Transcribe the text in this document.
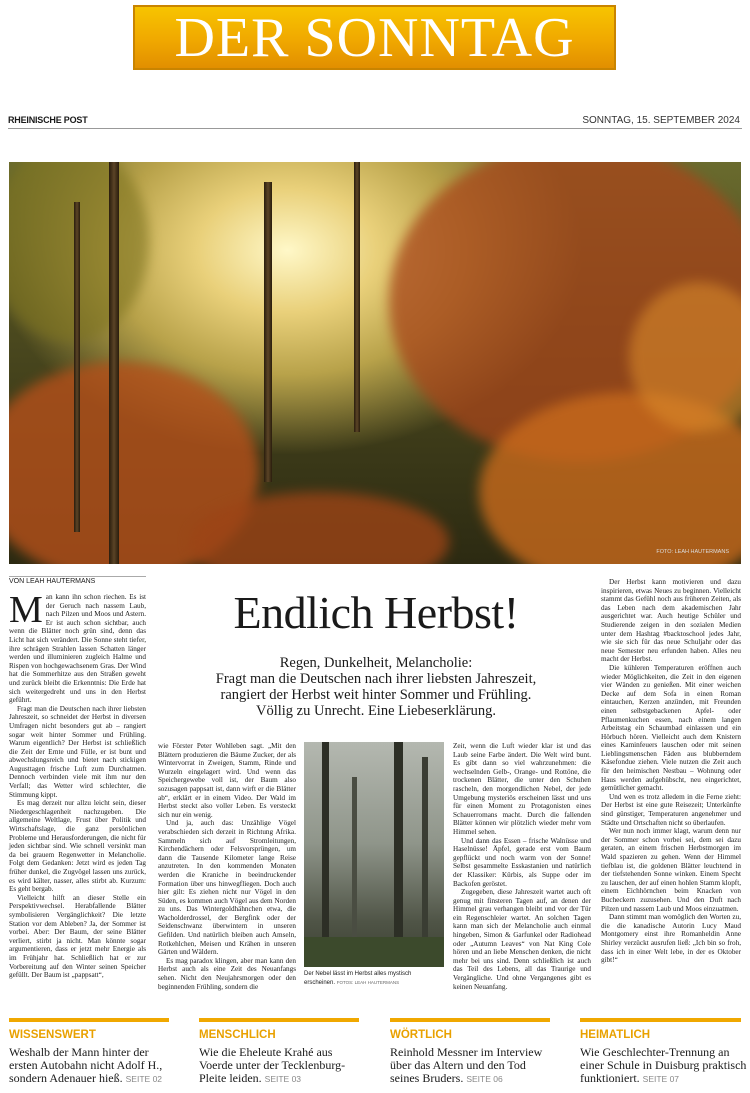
DER SONNTAG
RHEINISCHE POST	SONNTAG, 15. SEPTEMBER 2024
FOTO: LEAH HAUTERMANS
VON LEAH HAUTERMANS
M an kann ihn schon riechen. Es ist der Geruch nach nassem Laub, nach Pilzen und Moos und Astern. Er ist auch schon sichtbar, auch wenn die Blätter noch grün sind, denn das Licht hat sich verändert. Die Sonne steht tiefer, ihre schrägen Strahlen lassen Schatten länger werden und illuminieren zugleich Halme und Rispen von hochgewachsenem Gras. Der Wind hat die Sommerhitze aus den Straßen geweht und zurück bleibt die Erkenntnis: Die Erde hat sich weitergedreht und uns in den Herbst geführt.

Fragt man die Deutschen nach ihrer liebsten Jahreszeit, so schneidet der Herbst in diversen Umfragen nicht besonders gut ab – rangiert sogar weit hinter Sommer und Frühling. Warum eigentlich? Der Herbst ist schließlich die Zeit der Ernte und Fülle, er ist bunt und abwechslungsreich und bietet nach stickigen Augusttagen frische Luft zum Durchatmen. Dennoch verbinden viele mit ihm nur den Verfall; das Wetter wird schlechter, die Stimmung kippt.

Es mag derzeit nur allzu leicht sein, dieser Niedergeschlagenheit nachzugeben. Die allgemeine Weltlage, Frust über Politik und Wirtschaftslage, die ganz persönlichen Probleme und Herausforderungen, die nicht für jeden sichtbar sind. Wie schnell versinkt man da bei grauem Regenwetter in Melancholie. Folgt dem Gedanken: Jetzt wird es jeden Tag früher dunkel, die Zugvögel lassen uns zurück, es wird kälter, nasser, alles stirbt ab. Kurzum: Es geht bergab.

Vielleicht hilft an dieser Stelle ein Perspektivwechsel. Herabfallende Blätter symbolisieren Vergänglichkeit? Die letzte Station vor dem Ableben? Ja, der Sommer ist vorbei. Aber: Der Baum, der seine Blätter verliert, stirbt ja nicht. Man könnte sogar argumentieren, dass er jetzt mehr Energie als im Frühjahr hat. Schließlich hat er zur Vorbereitung auf den Winter seinen Speicher gefüllt. Der Baum ist „pappsatt“,

Endlich Herbst!
Regen, Dunkelheit, Melancholie:
Fragt man die Deutschen nach ihrer liebsten Jahreszeit,
rangiert der Herbst weit hinter Sommer und Frühling.
Völlig zu Unrecht. Eine Liebeserklärung.

wie Förster Peter Wohlleben sagt. „Mit den Blättern produzieren die Bäume Zucker, der als Wintervorrat in Zweigen, Stamm, Rinde und Wurzeln eingelagert wird. Und wenn das Speichergewebe voll ist, der Baum also sozusagen pappsatt ist, dann wirft er die Blätter ab“, erklärt er in einem Video. Der Wald im Herbst steckt also voller Leben. Es versteckt sich nur ein wenig.

Und ja, auch das: Unzählige Vögel verabschieden sich derzeit in Richtung Afrika. Sammeln sich auf Stromleitungen, Kirchendächern oder Felsvorsprüngen, um dann die Tausende Kilometer lange Reise anzutreten. In den kommenden Monaten werden die Kraniche in beeindruckender Formation über uns hinwegfliegen. Doch auch hier gilt: Es ziehen nicht nur Vögel in den Süden, es kommen auch Vögel aus dem Norden zu uns. Das Wintergoldhähnchen etwa, die Wacholderdrossel, der Bergfink oder der Seidenschwanz überwintern in unseren Gefilden. Und natürlich bleiben auch Amseln, Rotkehlchen, Meisen und Krähen in unseren Gärten und Wäldern.

Es mag paradox klingen, aber man kann den Herbst auch als eine Zeit des Neuanfangs sehen. Nicht den Neujahrsmorgen oder den beginnenden Frühling, sondern die

Der Nebel lässt im Herbst alles mystisch erscheinen. FOTOS: LEAH HAUTERMANS

Zeit, wenn die Luft wieder klar ist und das Laub seine Farbe ändert. Die Welt wird bunt. Es gibt dann so viel wahrzunehmen: die wechselnden Gelb-, Orange- und Rottöne, die trockenen Blätter, die unter den Schuhen rascheln, den morgendlichen Nebel, der jede Umgebung mysteriös erscheinen lässt und uns für einen Moment zu Protagonisten eines Schauerromans macht. Durch die fallenden Blätter können wir plötzlich wieder mehr vom Himmel sehen.

Und dann das Essen – frische Walnüsse und Haselnüsse! Äpfel, gerade erst vom Baum gepflückt und noch warm von der Sonne! Selbst gesammelte Esskastanien und natürlich der Klassiker: Kürbis, als Suppe oder im Backofen geröstet.

Zugegeben, diese Jahreszeit wartet auch oft genug mit finsteren Tagen auf, an denen der Himmel grau verhangen bleibt und vor der Tür ein Regenschleier wartet. An solchen Tagen kann man sich der Melancholie auch einmal hingeben, Simon & Garfunkel oder Radiohead oder „Autumn Leaves“ von Nat King Cole hören und an liebe Menschen denken, die nicht mehr bei uns sind. Denn schließlich ist auch das Teil des Lebens, all das Traurige und Vergängliche. Und ohne Vergangenes gibt es keinen Neuanfang.

Der Herbst kann motivieren und dazu inspirieren, etwas Neues zu beginnen. Vielleicht stammt das Gefühl noch aus früheren Zeiten, als das Leben nach dem akademischen Jahr ausgerichtet war. Auch heutige Schüler und Studierende zeigen in den sozialen Medien unter dem Hashtag #backtoschool jedes Jahr, wie sie sich für das neue Schuljahr oder das neue Semester neu erfunden haben. Alles neu macht der Herbst.

Die kühleren Temperaturen eröffnen auch wieder Möglichkeiten, die Zeit in den eigenen vier Wänden zu genießen. Mit einer weichen Decke auf dem Sofa in einen Roman eintauchen, Kerzen anzünden, mit Freunden einen selbstgebackenen Apfel- oder Pflaumenkuchen essen, nach einem langen Arbeitstag ein Schaumbad einlassen und ein Hörbuch hören. Vielleicht auch dem Knistern eines Kaminfeuers lauschen oder mit seinen Lieblingsmenschen Fäden aus blubberndem Käsefondue ziehen. Viele nutzen die Zeit auch für den heimischen Nestbau – Wohnung oder Haus werden aufgehübscht, neu eingerichtet, gemütlicher gemacht.

Und wen es trotz alledem in die Ferne zieht: Der Herbst ist eine gute Reisezeit; Unterkünfte sind günstiger, Temperaturen angenehmer und Städte und Ortschaften nicht so überlaufen.

Wer nun noch immer klagt, warum denn nur der Sommer schon vorbei sei, dem sei dazu geraten, an einem frischen Herbstmorgen im Wald spazieren zu gehen. Wenn der Himmel tiefblau ist, die goldenen Blätter leuchtend in der tiefstehenden Sonne winken. Einem Specht zu lauschen, der auf einen hohlen Stamm klopft, einem Eichhörnchen beim Knacken von Bucheckern zuzusehen. Und den Duft nach Pilzen und nassem Laub und Moos einzuatmen.

Dann stimmt man womöglich den Worten zu, die die kanadische Autorin Lucy Maud Montgomery einst ihre Romanheldin Anne Shirley verzückt ausrufen ließ: „Ich bin so froh, dass ich in einer Welt lebe, in der es Oktober gibt!“

WISSENSWERT
Weshalb der Mann hinter der ersten Autobahn nicht Adolf H., sondern Adenauer hieß. SEITE 02
MENSCHLICH
Wie die Eheleute Krahé aus Voerde unter der Tecklenburg-Pleite leiden. SEITE 03
WÖRTLICH
Reinhold Messner im Interview über das Altern und den Tod seines Bruders. SEITE 06
HEIMATLICH
Wie Geschlechter-Trennung an einer Schule in Duisburg praktisch funktioniert. SEITE 07
